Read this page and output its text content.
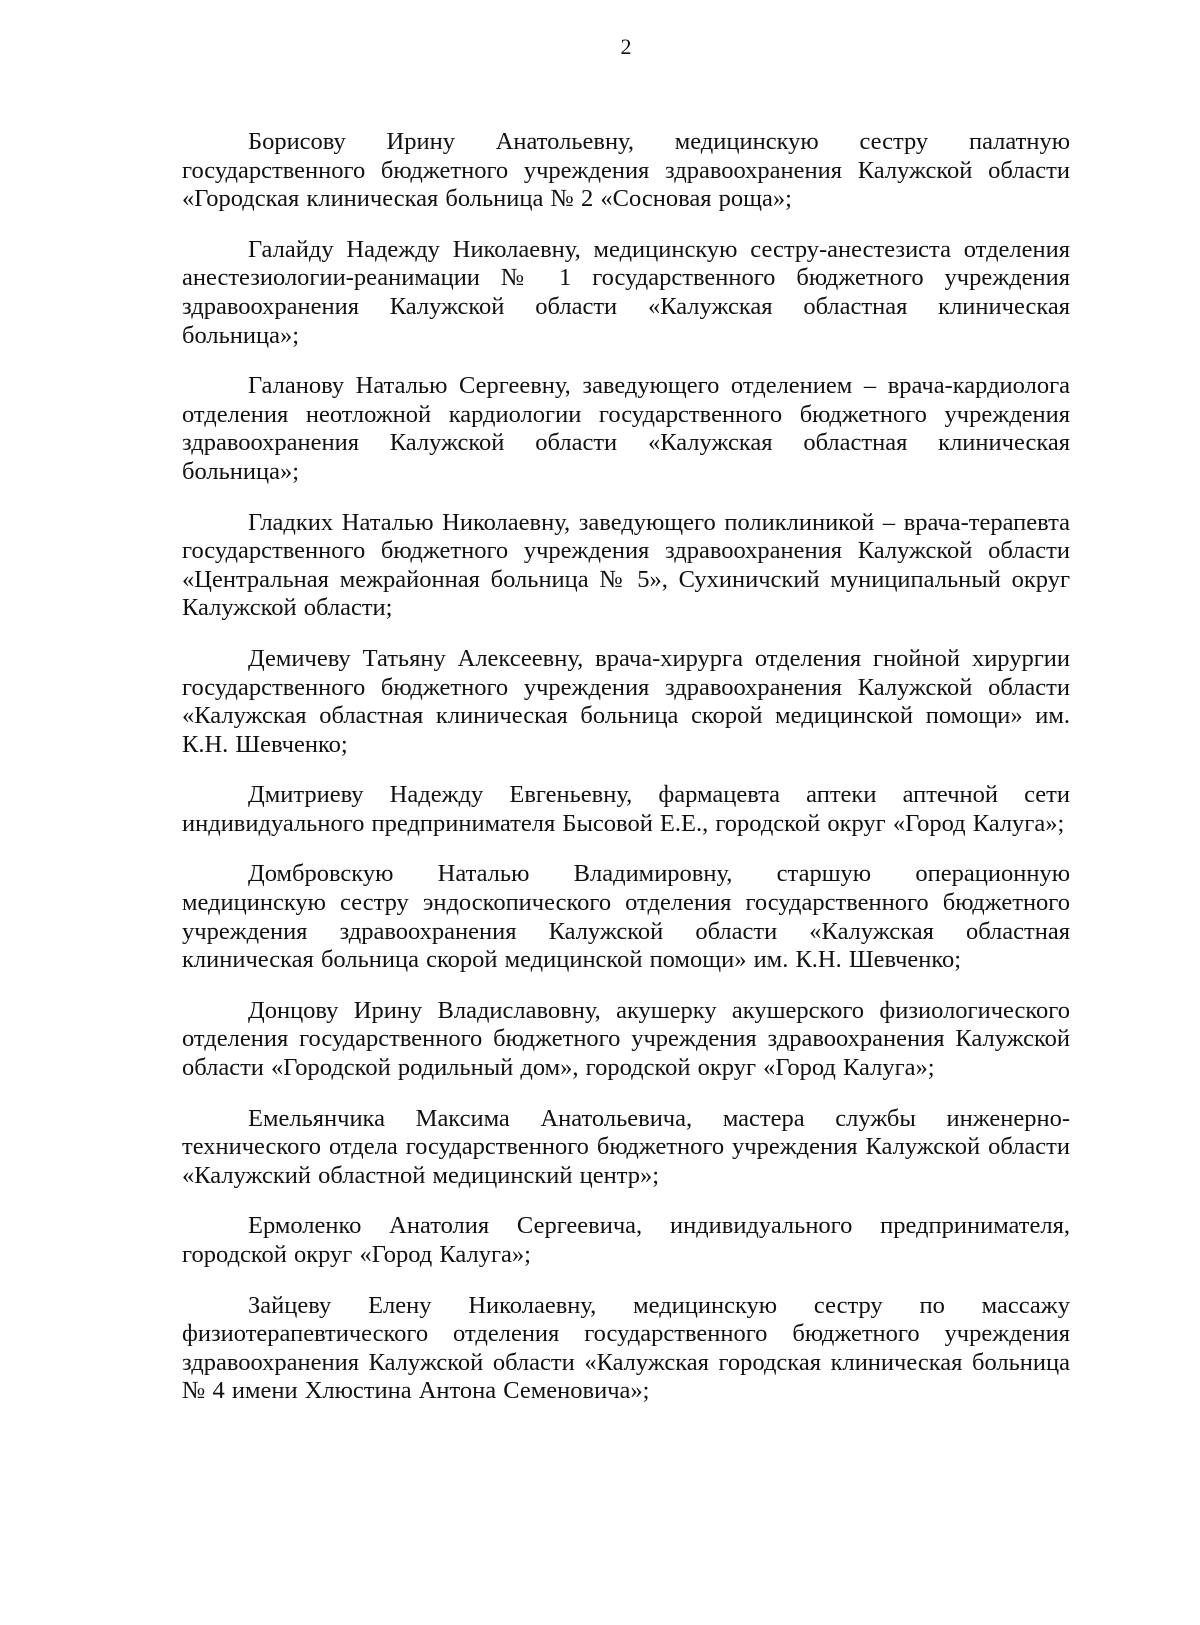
2

Борисову Ирину Анатольевну, медицинскую сестру палатную государственного бюджетного учреждения здравоохранения Калужской области «Городская клиническая больница № 2 «Сосновая роща»;

Галайду Надежду Николаевну, медицинскую сестру-анестезиста отделения анестезиологии-реанимации № 1 государственного бюджетного учреждения здравоохранения Калужской области «Калужская областная клиническая больница»;

Галанову Наталью Сергеевну, заведующего отделением – врача-кардиолога отделения неотложной кардиологии государственного бюджетного учреждения здравоохранения Калужской области «Калужская областная клиническая больница»;

Гладких Наталью Николаевну, заведующего поликлиникой – врача-терапевта государственного бюджетного учреждения здравоохранения Калужской области «Центральная межрайонная больница № 5», Сухиничский муниципальный округ Калужской области;

Демичеву Татьяну Алексеевну, врача-хирурга отделения гнойной хирургии государственного бюджетного учреждения здравоохранения Калужской области «Калужская областная клиническая больница скорой медицинской помощи» им. К.Н. Шевченко;

Дмитриеву Надежду Евгеньевну, фармацевта аптеки аптечной сети индивидуального предпринимателя Бысовой Е.Е., городской округ «Город Калуга»;

Домбровскую Наталью Владимировну, старшую операционную медицинскую сестру эндоскопического отделения государственного бюджетного учреждения здравоохранения Калужской области «Калужская областная клиническая больница скорой медицинской помощи» им. К.Н. Шевченко;

Донцову Ирину Владиславовну, акушерку акушерского физиологического отделения государственного бюджетного учреждения здравоохранения Калужской области «Городской родильный дом», городской округ «Город Калуга»;

Емельянчика Максима Анатольевича, мастера службы инженерно-технического отдела государственного бюджетного учреждения Калужской области «Калужский областной медицинский центр»;

Ермоленко Анатолия Сергеевича, индивидуального предпринимателя, городской округ «Город Калуга»;

Зайцеву Елену Николаевну, медицинскую сестру по массажу физиотерапевтического отделения государственного бюджетного учреждения здравоохранения Калужской области «Калужская городская клиническая больница № 4 имени Хлюстина Антона Семеновича»;
